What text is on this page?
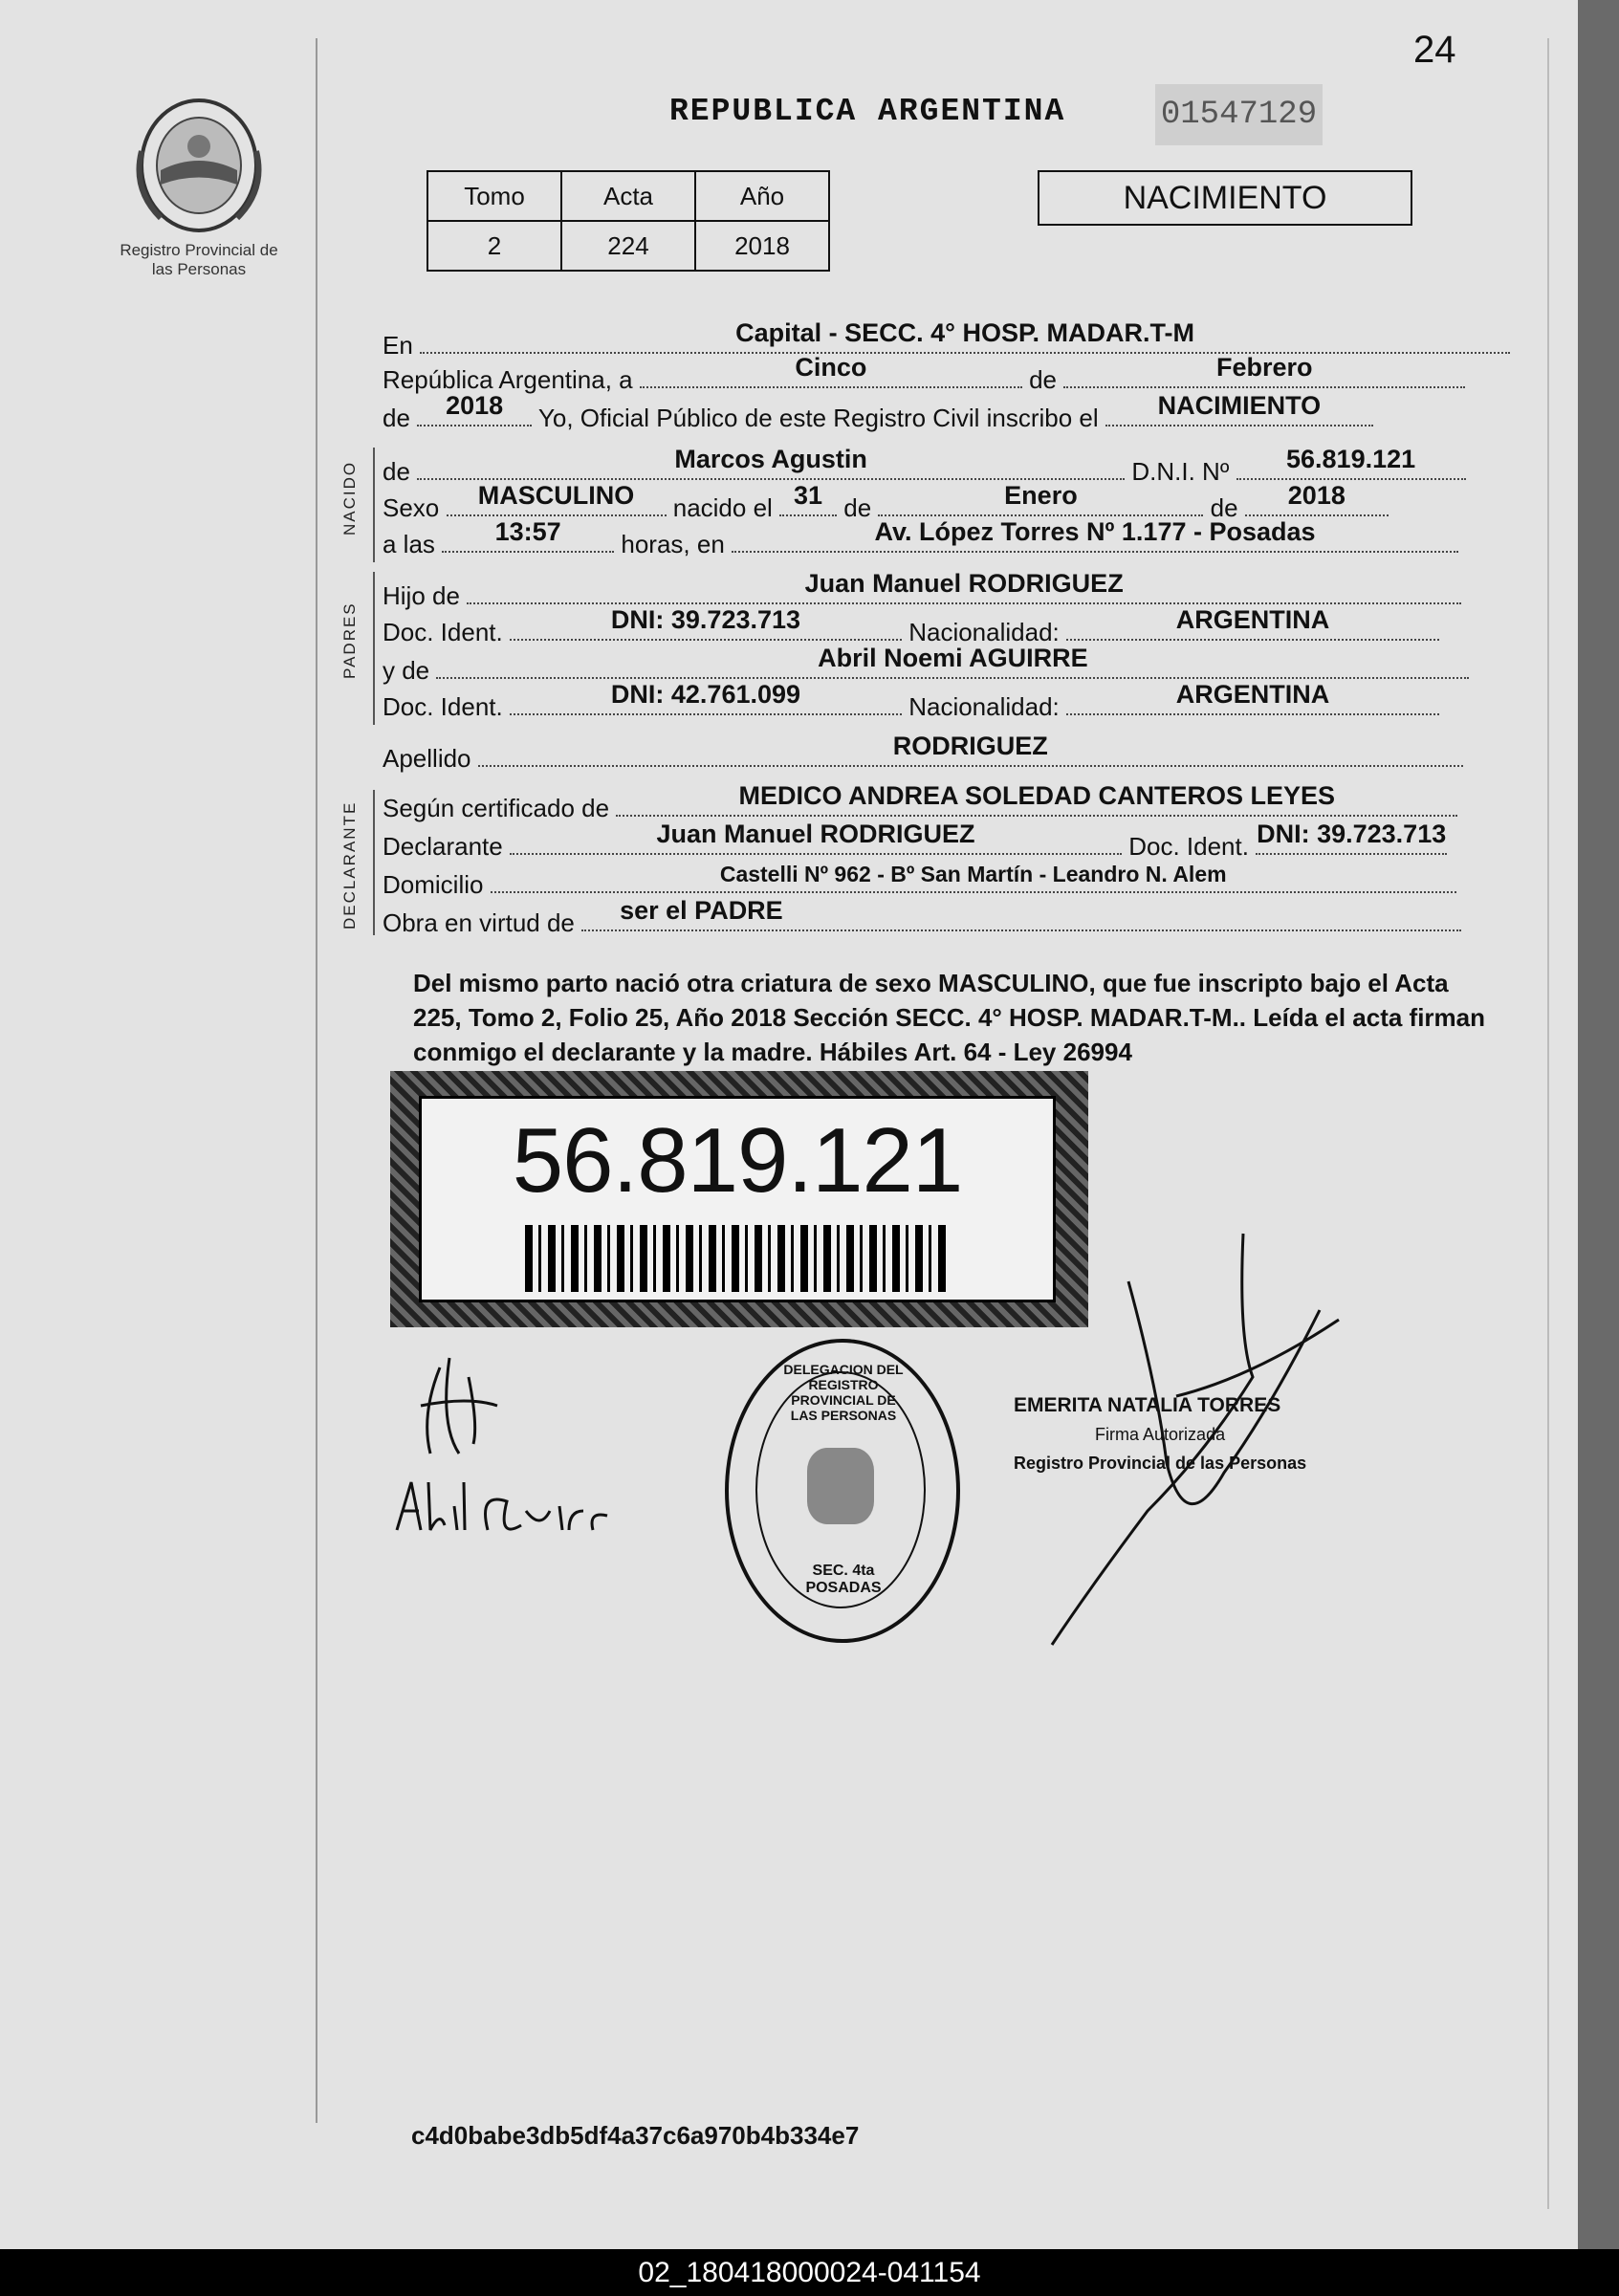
24
Registro Provincial de las Personas
REPUBLICA ARGENTINA	01547129
Tomo	Acta	Año
2	224	2018
NACIMIENTO
En	Capital - SECC. 4° HOSP. MADAR.T-M
República Argentina, a	Cinco	de	Febrero
de	2018	Yo, Oficial Público de este Registro Civil inscribo el	NACIMIENTO
de	Marcos Agustin	D.N.I. Nº	56.819.121
Sexo	MASCULINO	nacido el 31 de	Enero	de	2018
a las	13:57	horas, en	Av. López Torres Nº 1.177 - Posadas
Hijo de	Juan Manuel RODRIGUEZ
Doc. Ident.	DNI: 39.723.713	Nacionalidad:	ARGENTINA
y de	Abril Noemi AGUIRRE
Doc. Ident.	DNI: 42.761.099	Nacionalidad:	ARGENTINA
Apellido	RODRIGUEZ
Según certificado de	MEDICO ANDREA SOLEDAD CANTEROS LEYES
Declarante	Juan Manuel RODRIGUEZ	Doc. Ident. DNI: 39.723.713
Domicilio	Castelli Nº 962 - Bº San Martín - Leandro N. Alem
Obra en virtud de ser el PADRE
NACIDO
PADRES
DECLARANTE
Del mismo parto nació otra criatura de sexo MASCULINO, que fue inscripto bajo el Acta 225, Tomo 2, Folio 25, Año 2018 Sección SECC. 4° HOSP. MADAR.T-M.. Leída el acta firman conmigo el declarante y la madre. Hábiles Art. 64 - Ley 26994
56.819.121
DELEGACION DEL REGISTRO PROVINCIAL DE LAS PERSONAS
SEC. 4ta POSADAS
EMERITA NATALIA TORRES
Firma Autorizada
Registro Provincial de las Personas
c4d0babe3db5df4a37c6a970b4b334e7
02_180418000024-041154
